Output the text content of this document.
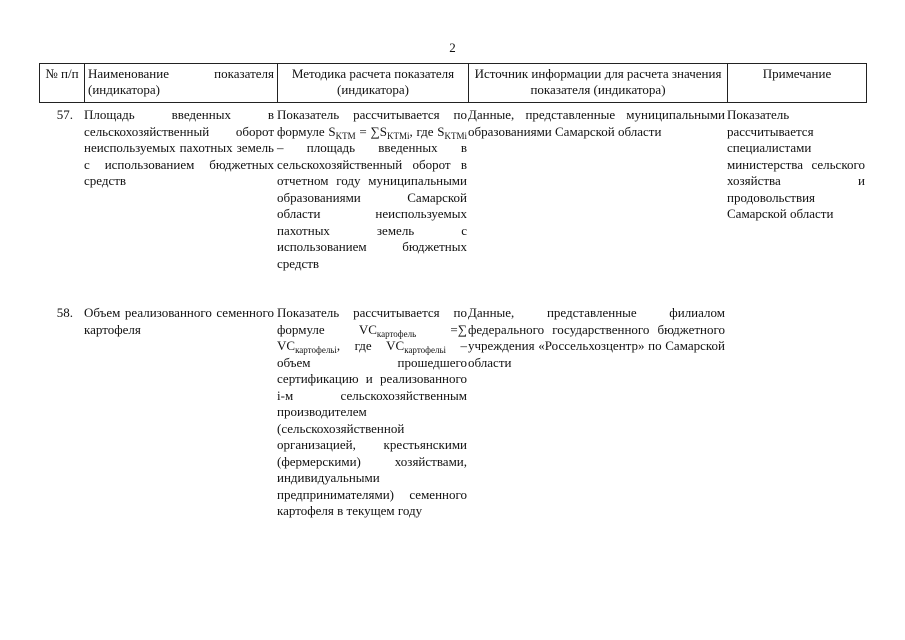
2
№ п/п Наименование показателя (индикатора)
Методика расчета показателя (индикатора)
Источник информации для расчета значения показателя (индикатора)
Примечание
57. Площадь введенных в сельскохозяйственный оборот неиспользуемых пахотных земель с использованием бюджетных средств
Показатель рассчитывается по формуле $S_{KTM} = \sum S_{KTMi}$, где $S_{KTMi}$ – площадь введенных в сельскохозяйственный оборот в отчетном году муниципальными образованиями Самарской области неиспользуемых пахотных земель с использованием бюджетных средств
Данные, представленные муниципальными образованиями Самарской области
Показатель рассчитывается специалистами министерства сельского хозяйства и продовольствия Самарской области
58. Объем реализованного семенного картофеля
Показатель рассчитывается по формуле	$VC_{картофель}$ =∑ $VC_{картофельi}$, где $VC_{картофельi}$ – объем прошедшего сертификацию и реализованного i-м сельскохозяйственным производителем (сельскохозяйственной организацией, крестьянскими (фермерскими) хозяйствами, индивидуальными предпринимателями) семенного картофеля в текущем году
Данные, представленные филиалом федерального государственного бюджетного учреждения «Россельхозцентр» по Самарской области
